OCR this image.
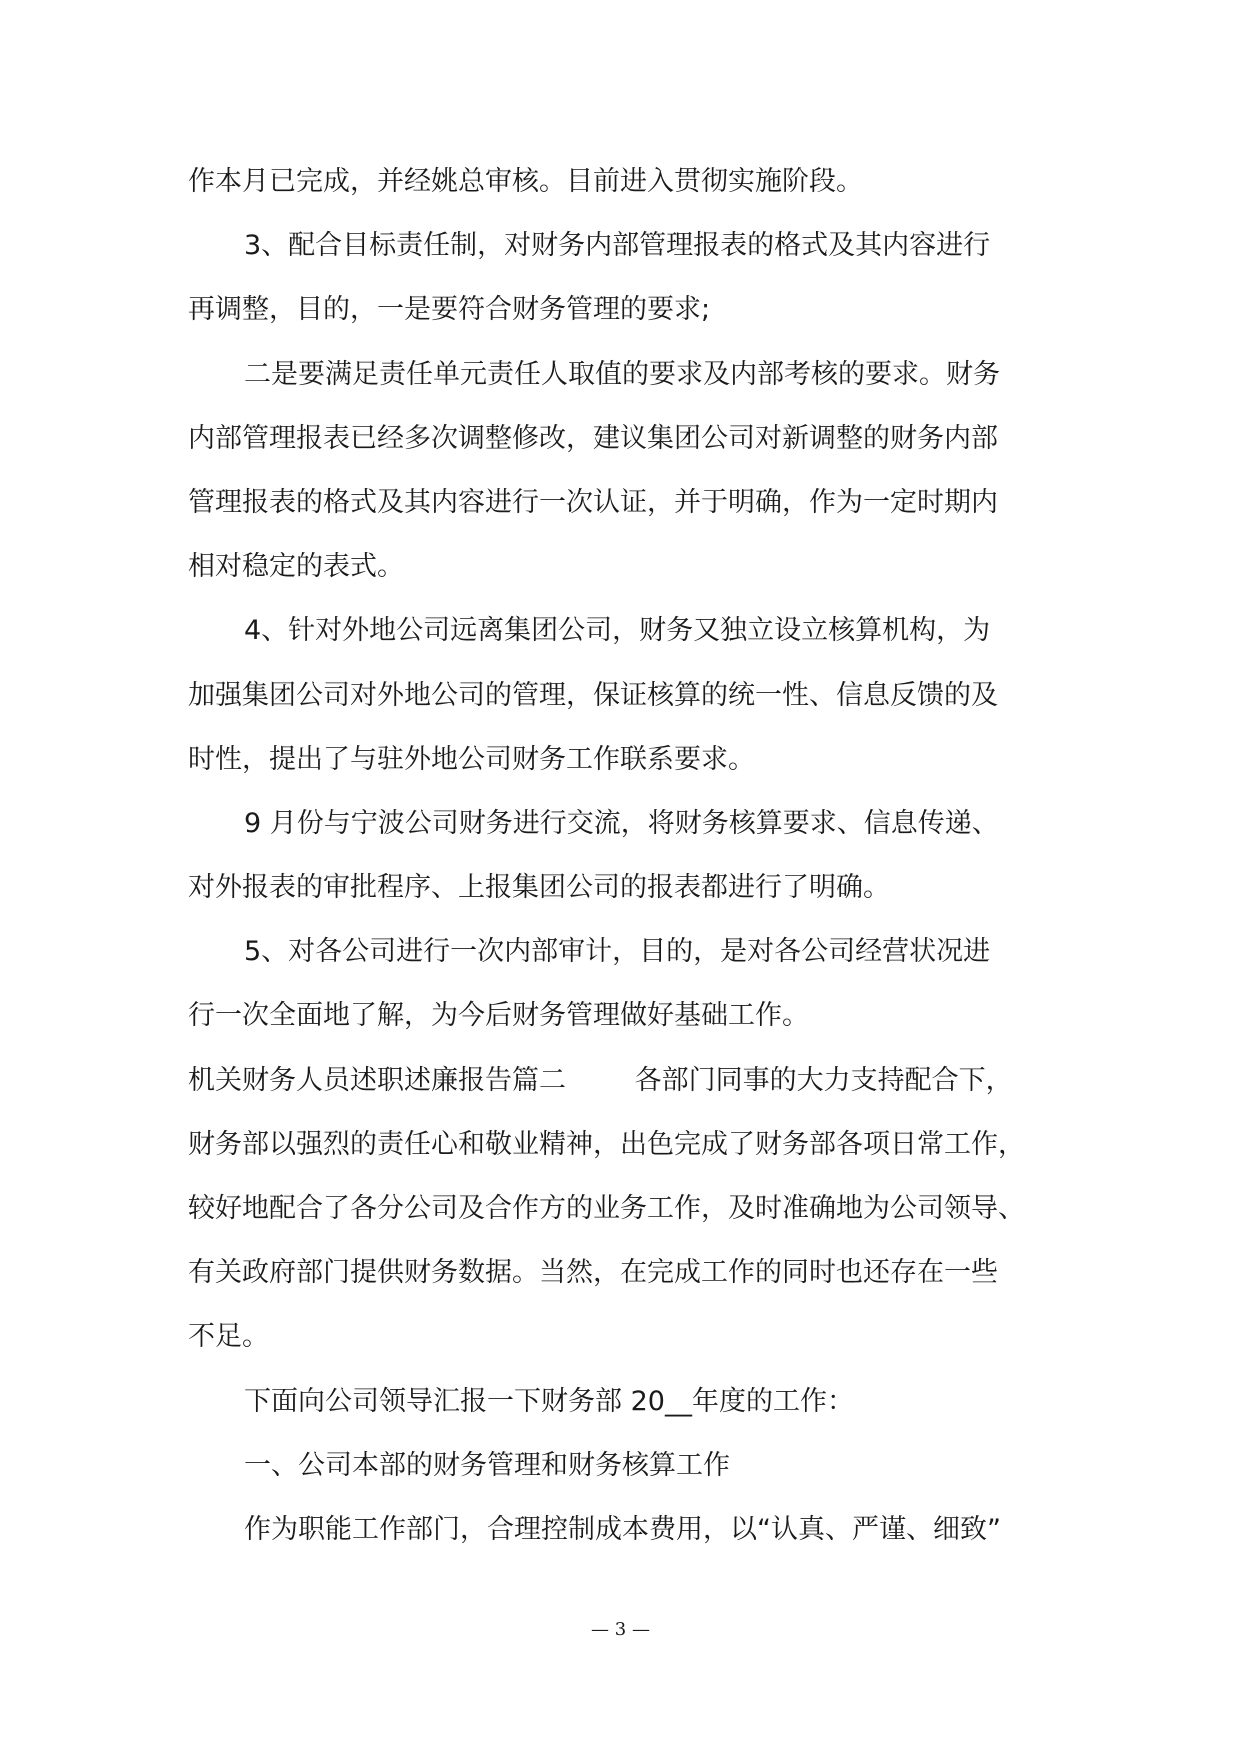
作本月已完成，并经姚总审核。目前进入贯彻实施阶段。
3、配合目标责任制，对财务内部管理报表的格式及其内容进行
再调整，目的，一是要符合财务管理的要求;
二是要满足责任单元责任人取值的要求及内部考核的要求。财务
内部管理报表已经多次调整修改，建议集团公司对新调整的财务内部
管理报表的格式及其内容进行一次认证，并于明确，作为一定时期内
相对稳定的表式。
4、针对外地公司远离集团公司，财务又独立设立核算机构，为
加强集团公司对外地公司的管理，保证核算的统一性、信息反馈的及
时性，提出了与驻外地公司财务工作联系要求。
9 月份与宁波公司财务进行交流，将财务核算要求、信息传递、
对外报表的审批程序、上报集团公司的报表都进行了明确。
5、对各公司进行一次内部审计，目的，是对各公司经营状况进
行一次全面地了解，为今后财务管理做好基础工作。
机关财务人员述职述廉报告篇二        各部门同事的大力支持配合下，
财务部以强烈的责任心和敬业精神，出色完成了财务部各项日常工作，
较好地配合了各分公司及合作方的业务工作，及时准确地为公司领导、
有关政府部门提供财务数据。当然，在完成工作的同时也还存在一些
不足。
下面向公司领导汇报一下财务部 20__年度的工作：
一、公司本部的财务管理和财务核算工作
作为职能工作部门，合理控制成本费用，以“认真、严谨、细致”
— 3 —
